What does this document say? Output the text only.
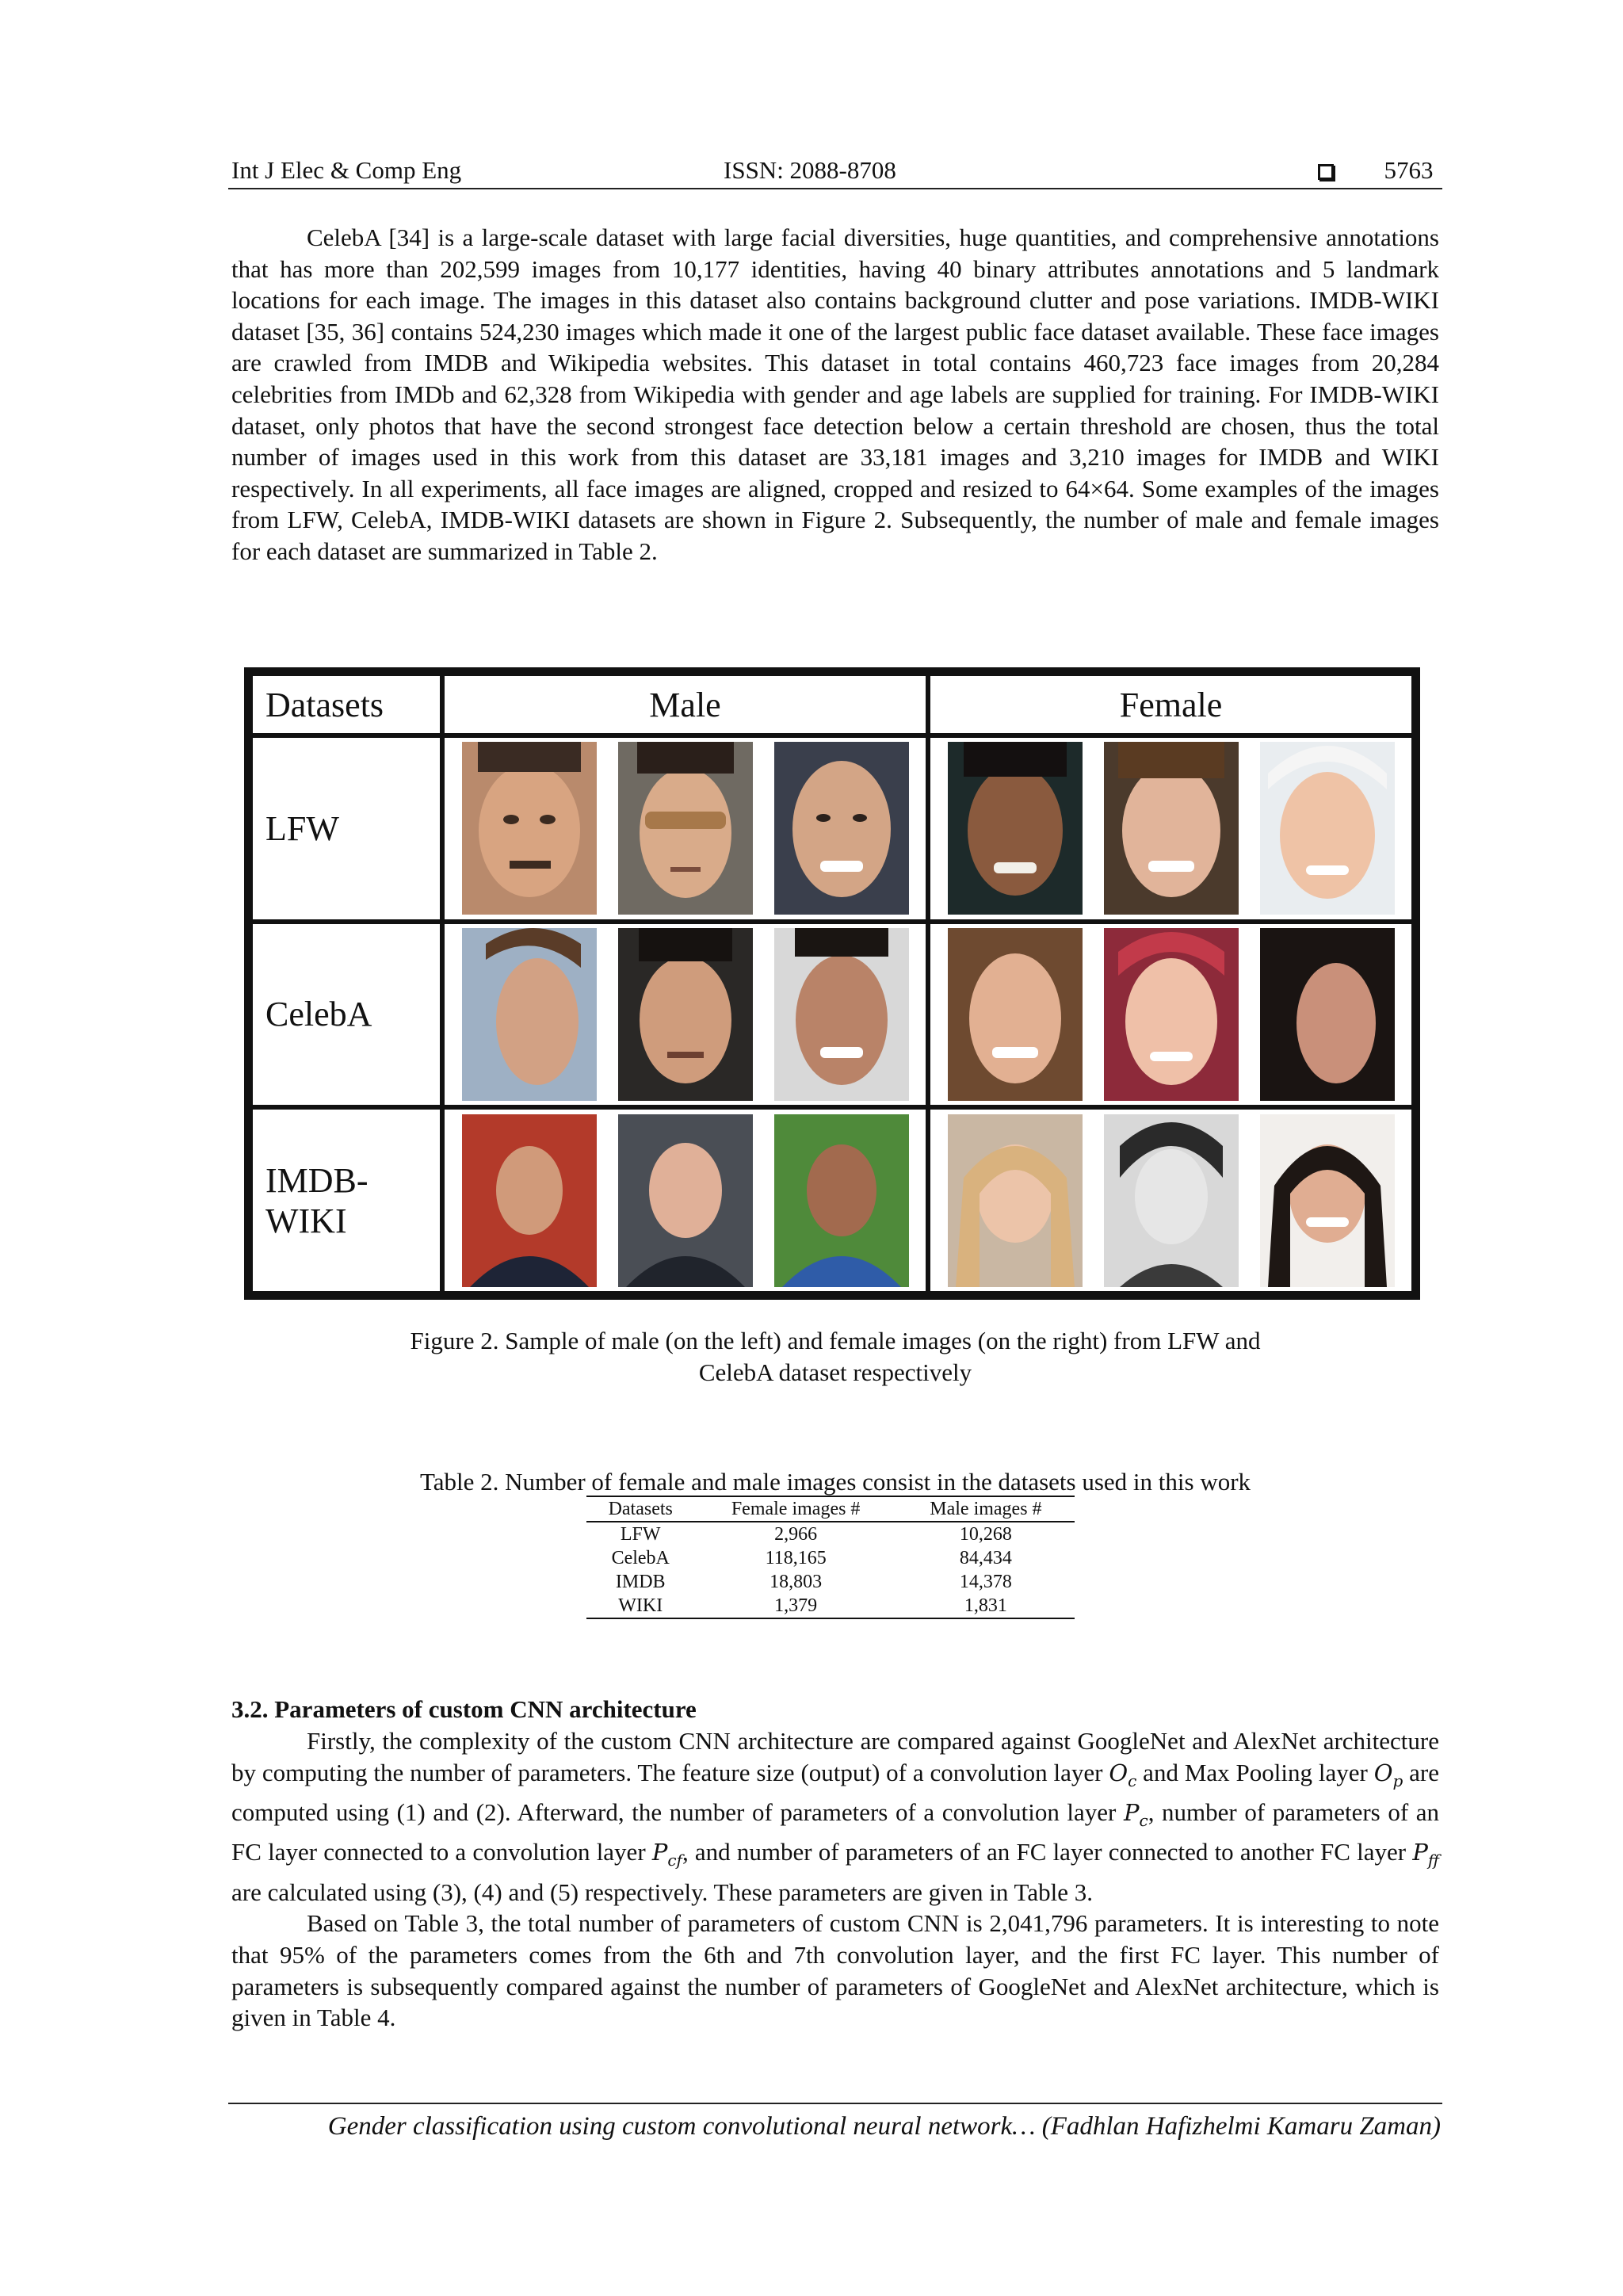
Int J Elec & Comp Eng	ISSN: 2088-8708	5763

CelebA [34] is a large-scale dataset with large facial diversities, huge quantities, and comprehensive annotations that has more than 202,599 images from 10,177 identities, having 40 binary attributes annotations and 5 landmark locations for each image. The images in this dataset also contains background clutter and pose variations. IMDB-WIKI dataset [35, 36] contains 524,230 images which made it one of the largest public face dataset available. These face images are crawled from IMDB and Wikipedia websites. This dataset in total contains 460,723 face images from 20,284 celebrities from IMDb and 62,328 from Wikipedia with gender and age labels are supplied for training. For IMDB-WIKI dataset, only photos that have the second strongest face detection below a certain threshold are chosen, thus the total number of images used in this work from this dataset are 33,181 images and 3,210 images for IMDB and WIKI respectively. In all experiments, all face images are aligned, cropped and resized to 64×64. Some examples of the images from LFW, CelebA, IMDB-WIKI datasets are shown in Figure 2. Subsequently, the number of male and female images for each dataset are summarized in Table 2.

Datasets	Male	Female
LFW
CelebA
IMDB-WIKI
Figure 2. Sample of male (on the left) and female images (on the right) from LFW and
CelebA dataset respectively
Table 2. Number of female and male images consist in the datasets used in this work
Datasets	Female images #	Male images #
LFW	2,966	10,268
CelebA	118,165	84,434
IMDB	18,803	14,378
WIKI	1,379	1,831
3.2. Parameters of custom CNN architecture

Firstly, the complexity of the custom CNN architecture are compared against GoogleNet and AlexNet architecture by computing the number of parameters. The feature size (output) of a convolution layer $O_c$ and Max Pooling layer $O_p$ are computed using (1) and (2). Afterward, the number of parameters of a convolution layer $P_c$, number of parameters of an FC layer connected to a convolution layer $P_{cf}$, and number of parameters of an FC layer connected to another FC layer $P_{ff}$ are calculated using (3), (4) and (5) respectively. These parameters are given in Table 3.

Based on Table 3, the total number of parameters of custom CNN is 2,041,796 parameters. It is interesting to note that 95% of the parameters comes from the 6th and 7th convolution layer, and the first FC layer. This number of parameters is subsequently compared against the number of parameters of GoogleNet and AlexNet architecture, which is given in Table 4.

Gender classification using custom convolutional neural network… (Fadhlan Hafizhelmi Kamaru Zaman)
